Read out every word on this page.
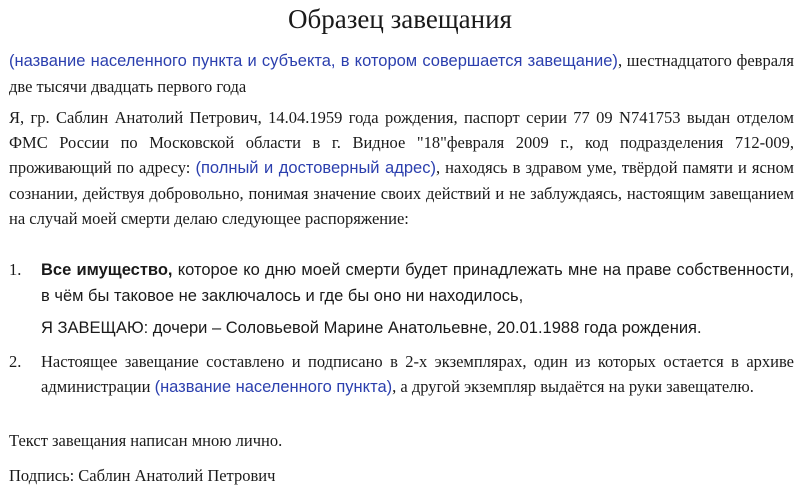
Образец завещания

(название населенного пункта и субъекта, в котором совершается завещание), шестнадцатого февраля две тысячи двадцать первого года

Я, гр. Саблин Анатолий Петрович, 14.04.1959 года рождения, паспорт серии 77 09 N741753 выдан отделом ФМС России по Московской области в г. Видное "18"февраля 2009 г., код подразделения 712-009, проживающий по адресу: (полный и достоверный адрес), находясь в здравом уме, твёрдой памяти и ясном сознании, действуя добровольно, понимая значение своих действий и не заблуждаясь, настоящим завещанием на случай моей смерти делаю следующее распоряжение:

1. Все имущество, которое ко дню моей смерти будет принадлежать мне на праве собственности, в чём бы таковое не заключалось и где бы оно ни находилось,
Я ЗАВЕЩАЮ: дочери – Соловьевой Марине Анатольевне, 20.01.1988 года рождения.
2. Настоящее завещание составлено и подписано в 2-х экземплярах, один из которых остается в архиве администрации (название населенного пункта), а другой экземпляр выдаётся на руки завещателю.

Текст завещания написан мною лично.

Подпись: Саблин Анатолий Петрович
